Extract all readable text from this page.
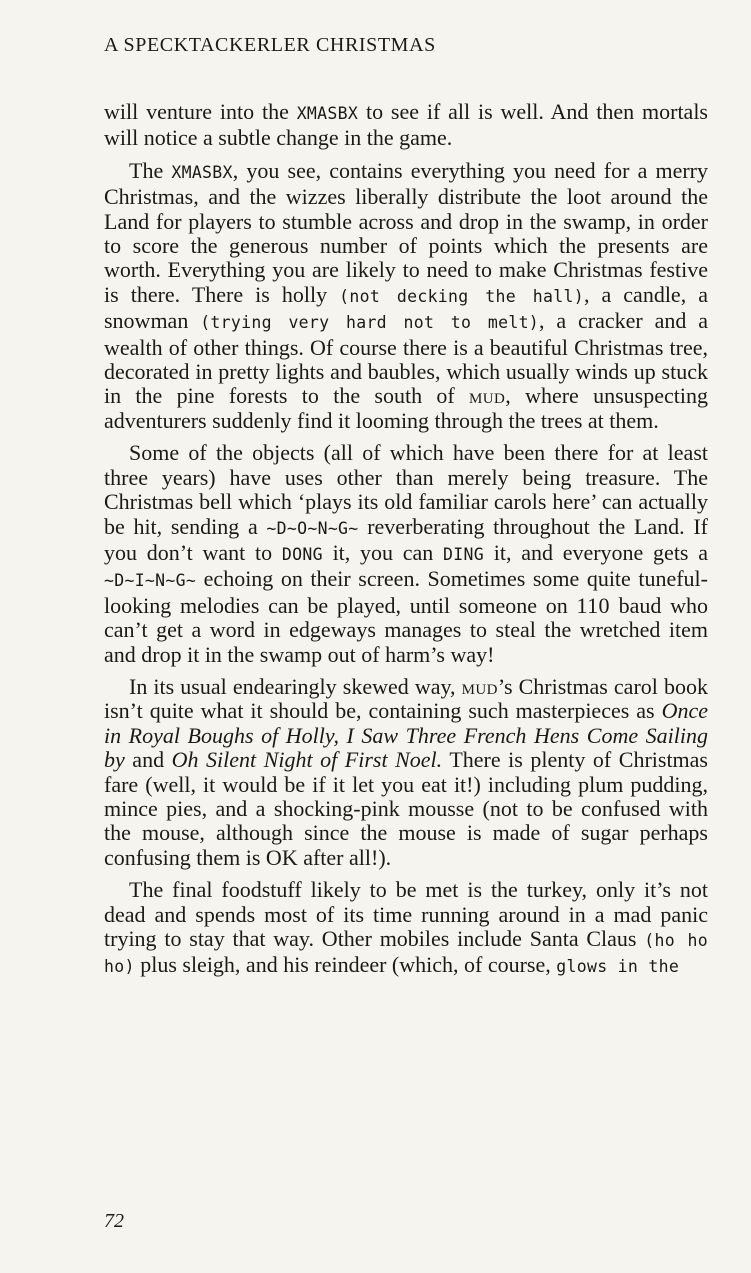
A SPECKTACKERLER CHRISTMAS

will venture into the XMASBX to see if all is well. And then mortals will notice a subtle change in the game.

The XMASBX, you see, contains everything you need for a merry Christmas, and the wizzes liberally distribute the loot around the Land for players to stumble across and drop in the swamp, in order to score the generous number of points which the presents are worth. Everything you are likely to need to make Christmas festive is there. There is holly (not decking the hall), a candle, a snowman (trying very hard not to melt), a cracker and a wealth of other things. Of course there is a beautiful Christmas tree, decorated in pretty lights and baubles, which usually winds up stuck in the pine forests to the south of mud, where unsuspecting adventurers suddenly find it looming through the trees at them.

Some of the objects (all of which have been there for at least three years) have uses other than merely being treasure. The Christmas bell which ‘plays its old familiar carols here’ can actually be hit, sending a ~D~O~N~G~ reverberating throughout the Land. If you don’t want to DONG it, you can DING it, and everyone gets a ~D~I~N~G~ echoing on their screen. Sometimes some quite tuneful-looking melodies can be played, until someone on 110 baud who can’t get a word in edgeways manages to steal the wretched item and drop it in the swamp out of harm’s way!

In its usual endearingly skewed way, mud’s Christmas carol book isn’t quite what it should be, containing such masterpieces as Once in Royal Boughs of Holly, I Saw Three French Hens Come Sailing by and Oh Silent Night of First Noel. There is plenty of Christmas fare (well, it would be if it let you eat it!) including plum pudding, mince pies, and a shocking-pink mousse (not to be confused with the mouse, although since the mouse is made of sugar perhaps confusing them is OK after all!).

The final foodstuff likely to be met is the turkey, only it’s not dead and spends most of its time running around in a mad panic trying to stay that way. Other mobiles include Santa Claus (ho ho ho) plus sleigh, and his reindeer (which, of course, glows in the

72
